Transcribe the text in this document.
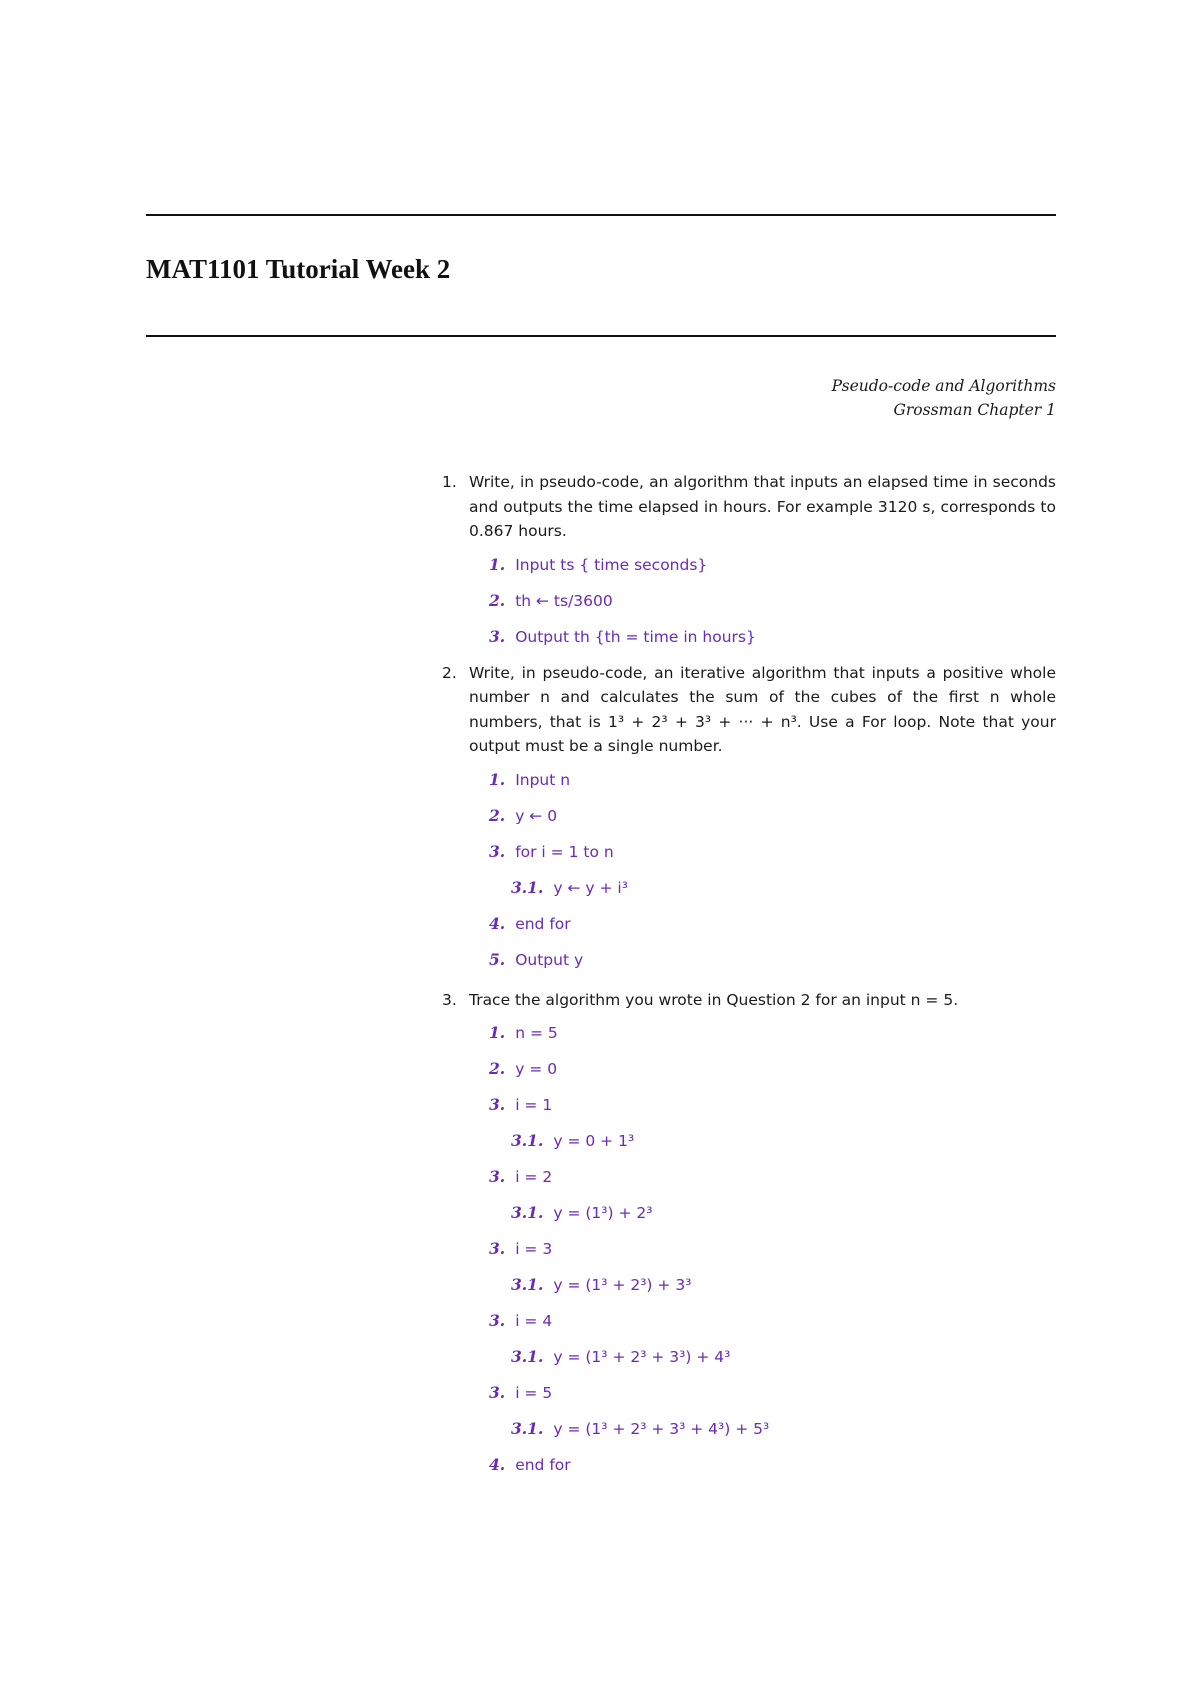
MAT1101 Tutorial Week 2
Pseudo-code and Algorithms
Grossman Chapter 1
1. Write, in pseudo-code, an algorithm that inputs an elapsed time in seconds and outputs the time elapsed in hours. For example 3120 s, corresponds to 0.867 hours.
1. Input ts { time seconds}
2. th ← ts/3600
3. Output th {th = time in hours}
2. Write, in pseudo-code, an iterative algorithm that inputs a positive whole number n and calculates the sum of the cubes of the first n whole numbers, that is 1³ + 2³ + 3³ + ··· + n³. Use a For loop. Note that your output must be a single number.
1. Input n
2. y ← 0
3. for i = 1 to n
3.1. y ← y + i³
4. end for
5. Output y
3. Trace the algorithm you wrote in Question 2 for an input n = 5.
1. n = 5
2. y = 0
3. i = 1
3.1. y = 0 + 1³
3. i = 2
3.1. y = (1³) + 2³
3. i = 3
3.1. y = (1³ + 2³) + 3³
3. i = 4
3.1. y = (1³ + 2³ + 3³) + 4³
3. i = 5
3.1. y = (1³ + 2³ + 3³ + 4³) + 5³
4. end for
